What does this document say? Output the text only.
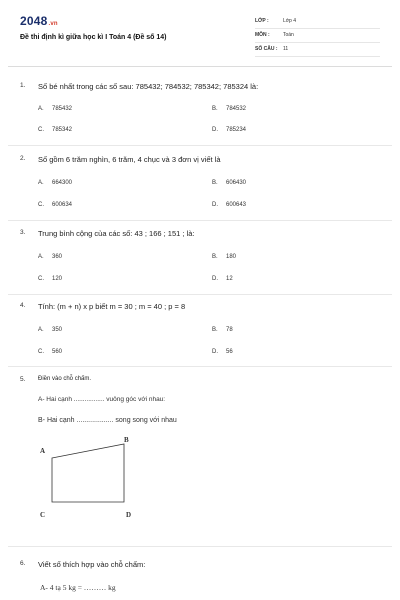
2048.vn
Đề thi định kì giữa học kì I Toán 4 (Đề số 14)
LỚP :	Lớp 4
MÔN :	Toán
SỐ CÂU : 11
1. Số bé nhất trong các số sau: 785432; 784532; 785342; 785324 là:
A. 785432	B. 784532
C. 785342	D. 785234
2. Số gồm 6 trăm nghìn, 6 trăm, 4 chục và 3 đơn vị viết là
A. 664300	B. 606430
C. 600634	D. 600643
3. Trung bình cộng của các số: 43 ; 166 ; 151 ; là:
A. 360	B. 180
C. 120	D. 12
4. Tính: (m + n) x p biết m = 30 ; m = 40 ; p = 8
A. 350	B. 78
C. 560	D. 56
5. Điền vào chỗ chấm.
A- Hai cạnh ................. vuông góc với nhau:
B- Hai cạnh ................... song song với nhau
A
B
C	D
6. Viết số thích hợp vào chỗ chấm:
A- 4 tạ 5 kg = ……… kg
